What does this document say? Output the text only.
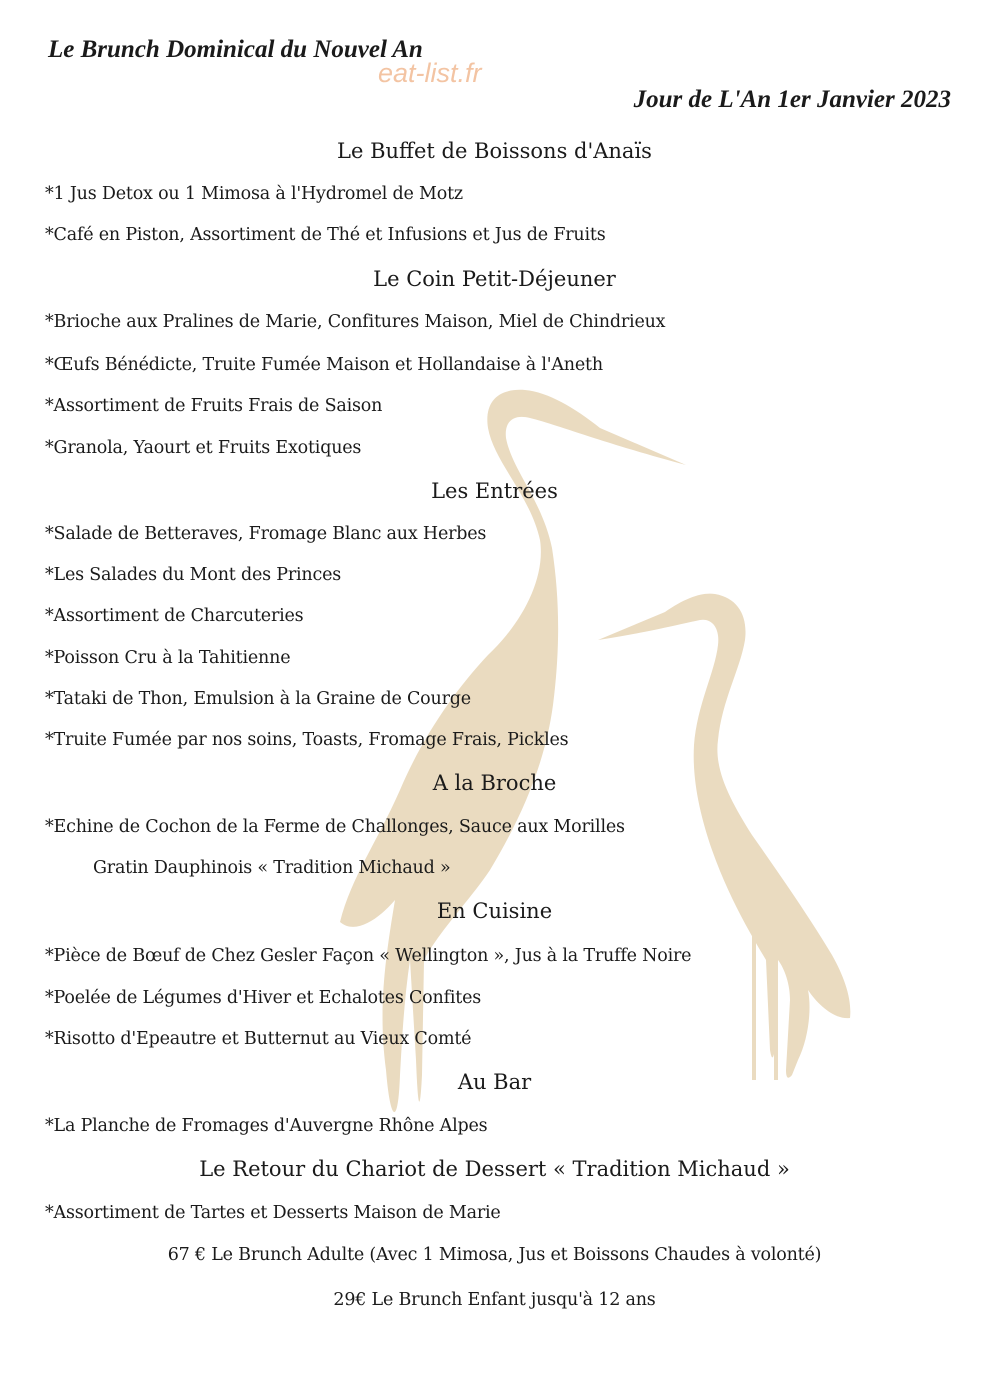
Le Brunch Dominical du Nouvel An
eat-list.fr
Jour de L'An 1er Janvier 2023
Le Buffet de Boissons d'Anaïs
*1 Jus Detox ou 1 Mimosa à l'Hydromel de Motz
*Café en Piston, Assortiment de Thé et Infusions et Jus de Fruits
Le Coin Petit-Déjeuner
*Brioche aux Pralines de Marie, Confitures Maison, Miel de Chindrieux
*Œufs Bénédicte, Truite Fumée Maison et Hollandaise à l'Aneth
*Assortiment de Fruits Frais de Saison
*Granola, Yaourt et Fruits Exotiques
Les Entrées
*Salade de Betteraves, Fromage Blanc aux Herbes
*Les Salades du Mont des Princes
*Assortiment de Charcuteries
*Poisson Cru à la Tahitienne
*Tataki de Thon, Emulsion à la Graine de Courge
*Truite Fumée par nos soins, Toasts, Fromage Frais, Pickles
A la Broche
*Echine de Cochon de la Ferme de Challonges, Sauce aux Morilles
Gratin Dauphinois « Tradition Michaud »
En Cuisine
*Pièce de Bœuf de Chez Gesler Façon « Wellington », Jus à la Truffe Noire
*Poelée de Légumes d'Hiver et Echalotes Confites
*Risotto d'Epeautre et Butternut au Vieux Comté
Au Bar
*La Planche de Fromages d'Auvergne Rhône Alpes
Le Retour du Chariot de Dessert « Tradition Michaud »
*Assortiment de Tartes et Desserts Maison de Marie
67 € Le Brunch Adulte (Avec 1 Mimosa, Jus et Boissons Chaudes à volonté)
29€ Le Brunch Enfant jusqu'à 12 ans
